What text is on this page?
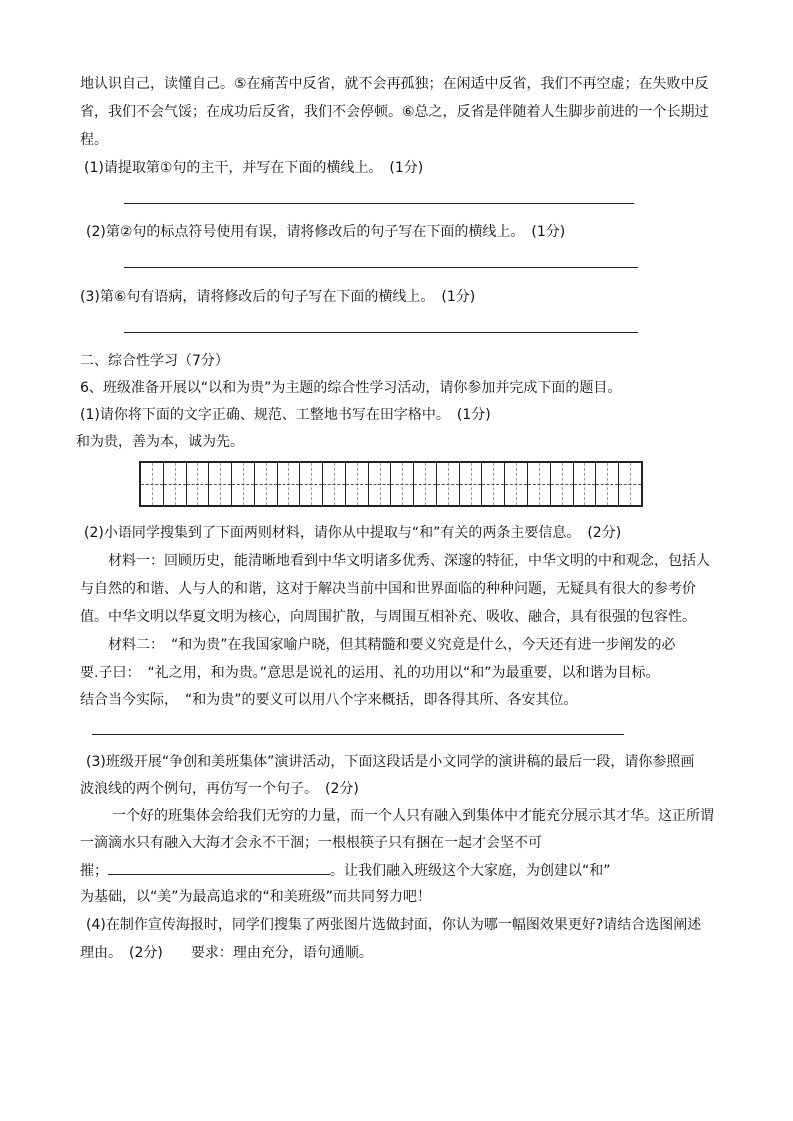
地认识自己，读懂自己。⑤在痛苦中反省，就不会再孤独；在闲适中反省，我们不再空虚；在失败中反
省，我们不会气馁；在成功后反省，我们不会停顿。⑥总之，反省是伴随着人生脚步前进的一个长期过
程。
(1)请提取第①句的主干，并写在下面的横线上。　(1分)
(2)第②句的标点符号使用有误，请将修改后的句子写在下面的横线上。　(1分)
(3)第⑥句有语病，请将修改后的句子写在下面的横线上。　(1分)
二、综合性学习（7分）
6、班级准备开展以“以和为贵”为主题的综合性学习活动，请你参加并完成下面的题目。
(1)请你将下面的文字正确、规范、工整地书写在田字格中。　(1分)
和为贵，善为本，诚为先。
(2)小语同学搜集到了下面两则材料，请你从中提取与“和”有关的两条主要信息。　(2分)
材料一：回顾历史，能清晰地看到中华文明诸多优秀、深邃的特征，中华文明的中和观念，包括人
与自然的和谐、人与人的和谐，这对于解决当前中国和世界面临的种种问题，无疑具有很大的参考价
值。中华文明以华夏文明为核心，向周围扩散，与周围互相补充、吸收、融合，具有很强的包容性。
材料二：　“和为贵”在我国家喻户晓，但其精髓和要义究竟是什么，今天还有进一步阐发的必
要.子曰：　“礼之用，和为贵。”意思是说礼的运用、礼的功用以“和”为最重要，以和谐为目标。
结合当今实际，　“和为贵”的要义可以用八个字来概括，即各得其所、各安其位。
(3)班级开展“争创和美班集体”演讲活动，下面这段话是小文同学的演讲稿的最后一段，请你参照画
波浪线的两个例句，再仿写一个句子。　(2分)
一个好的班集体会给我们无穷的力量，而一个人只有融入到集体中才能充分展示其才华。这正所谓
一滴滴水只有融入大海才会永不干涸；一根根筷子只有捆在一起才会坚不可
摧；	。让我们融入班级这个大家庭，为创建以“和”
为基础，以“美”为最高追求的“和美班级”而共同努力吧！
(4)在制作宣传海报时，同学们搜集了两张图片选做封面，你认为哪一幅图效果更好?请结合选图阐述
理由。　(2分)　　要求：理由充分，语句通顺。
